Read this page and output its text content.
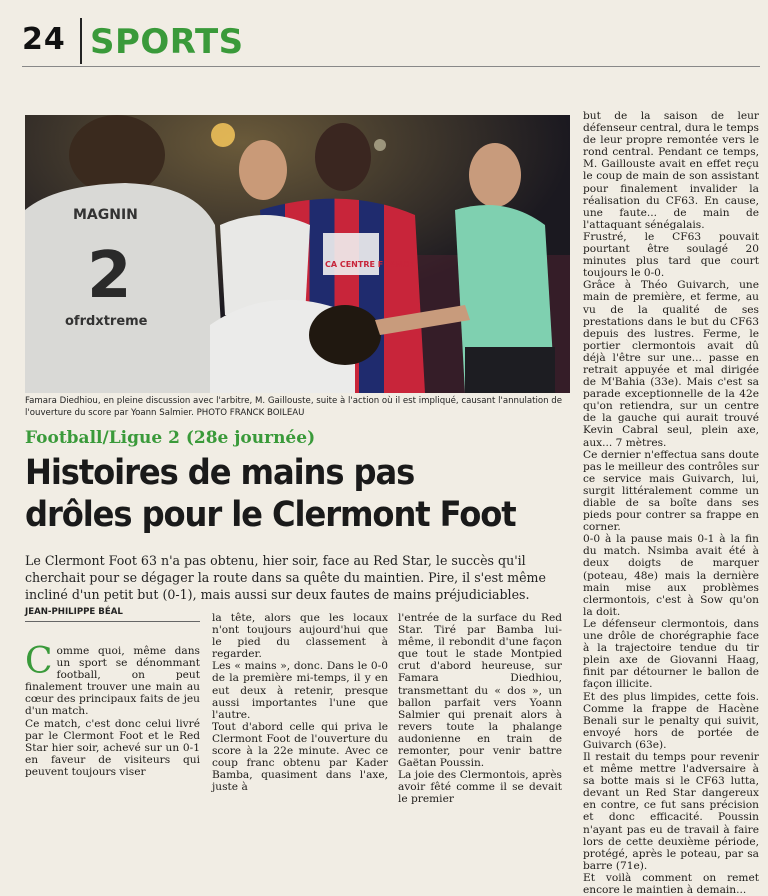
24 SPORTS
MAGNIN
2
ofrdxtreme
CA CENTRE FRANCE
Famara Diedhiou, en pleine discussion avec l'arbitre, M. Gaillouste, suite à l'action où il est impliqué, causant l'annulation de l'ouverture du score par Yoann Salmier. PHOTO FRANCK BOILEAU
Football/Ligue 2 (28e journée)
Histoires de mains pas drôles pour le Clermont Foot
Le Clermont Foot 63 n'a pas obtenu, hier soir, face au Red Star, le succès qu'il cherchait pour se dégager la route dans sa quête du maintien. Pire, il s'est même incliné d'un petit but (0-1), mais aussi sur deux fautes de mains préjudiciables.
JEAN-PHILIPPE BÉAL
C omme quoi, même dans un sport se dénommant football, on peut finalement trouver une main au cœur des principaux faits de jeu d'un match.

Ce match, c'est donc celui livré par le Clermont Foot et le Red Star hier soir, achevé sur un 0-1 en faveur de visiteurs qui peuvent toujours viser

la tête, alors que les locaux n'ont toujours aujourd'hui que le pied du classement à regarder.

Les « mains », donc. Dans le 0-0 de la première mi-temps, il y en eut deux à retenir, presque aussi importantes l'une que l'autre.

Tout d'abord celle qui priva le Clermont Foot de l'ouverture du score à la 22e minute. Avec ce coup franc obtenu par Kader Bamba, quasiment dans l'axe, juste à

l'entrée de la surface du Red Star. Tiré par Bamba lui-même, il rebondit d'une façon que tout le stade Montpied crut d'abord heureuse, sur Famara Diedhiou, transmettant du « dos », un ballon parfait vers Yoann Salmier qui prenait alors à revers toute la phalange audonienne en train de remonter, pour venir battre Gaëtan Poussin.

La joie des Clermontois, après avoir fêté comme il se devait le premier

but de la saison de leur défenseur central, dura le temps de leur propre remontée vers le rond central. Pendant ce temps, M. Gaillouste avait en effet reçu le coup de main de son assistant pour finalement invalider la réalisation du CF63. En cause, une faute... de main de l'attaquant sénégalais.

Frustré, le CF63 pouvait pourtant être soulagé 20 minutes plus tard que court toujours le 0-0.

Grâce à Théo Guivarch, une main de première, et ferme, au vu de la qualité de ses prestations dans le but du CF63 depuis des lustres. Ferme, le portier clermontois avait dû déjà l'être sur une... passe en retrait appuyée et mal dirigée de M'Bahia (33e). Mais c'est sa parade exceptionnelle de la 42e qu'on retiendra, sur un centre de la gauche qui aurait trouvé Kevin Cabral seul, plein axe, aux... 7 mètres.

Ce dernier n'effectua sans doute pas le meilleur des contrôles sur ce service mais Guivarch, lui, surgit littéralement comme un diable de sa boîte dans ses pieds pour contrer sa frappe en corner.

0-0 à la pause mais 0-1 à la fin du match. Nsimba avait été à deux doigts de marquer (poteau, 48e) mais la dernière main mise aux problèmes clermontois, c'est à Sow qu'on la doit.

Le défenseur clermontois, dans une drôle de chorégraphie face à la trajectoire tendue du tir plein axe de Giovanni Haag, finit par détourner le ballon de façon illicite.

Et des plus limpides, cette fois. Comme la frappe de Hacène Benali sur le penalty qui suivit, envoyé hors de portée de Guivarch (63e).

Il restait du temps pour revenir et même mettre l'adversaire à sa botte mais si le CF63 lutta, devant un Red Star dangereux en contre, ce fut sans précision et donc efficacité. Poussin n'ayant pas eu de travail à faire lors de cette deuxième période, protégé, après le poteau, par sa barre (71e).

Et voilà comment on remet encore le maintien à demain...
